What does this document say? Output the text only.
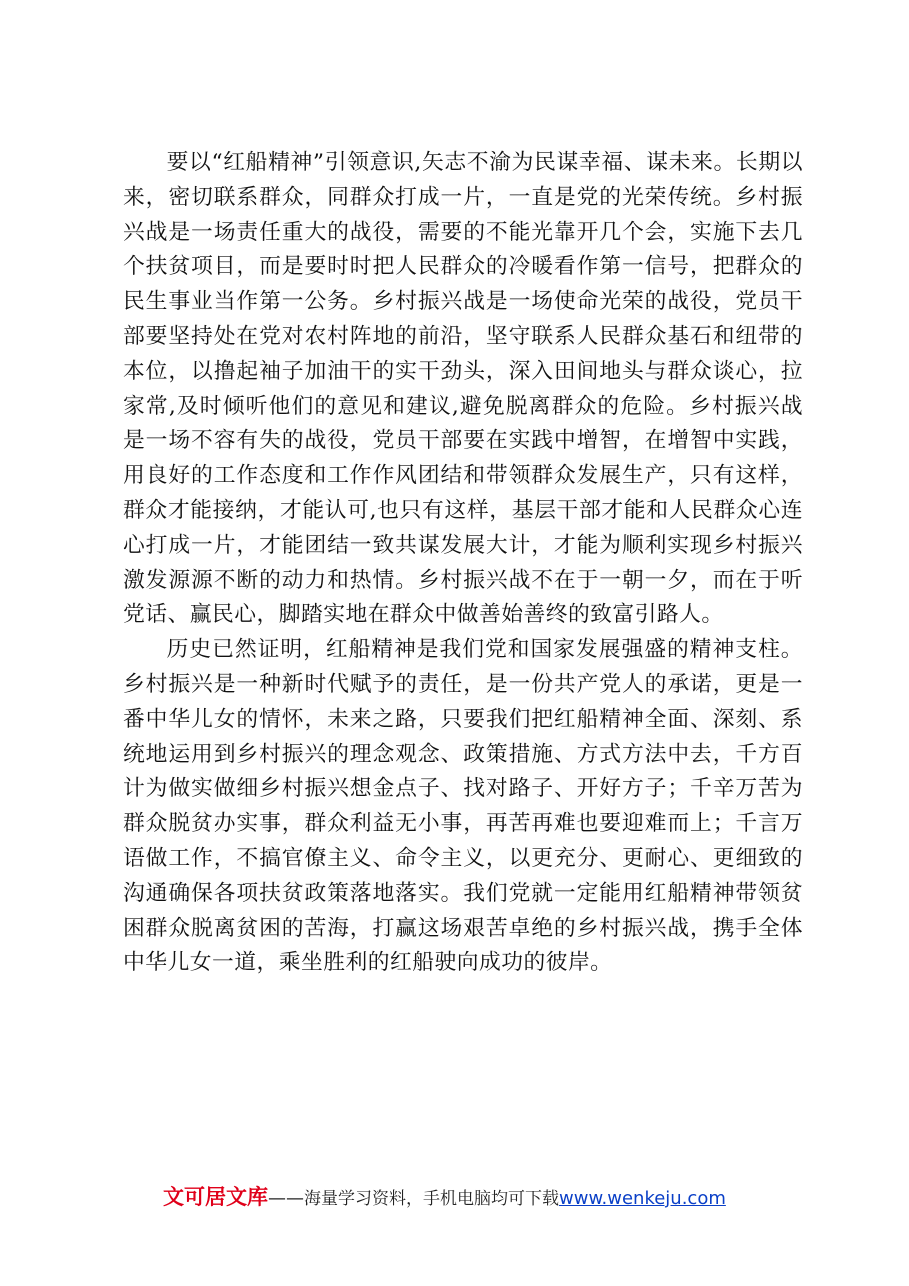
要以“红船精神”引领意识,矢志不渝为民谋幸福、谋未来。长期以来，密切联系群众，同群众打成一片，一直是党的光荣传统。乡村振兴战是一场责任重大的战役，需要的不能光靠开几个会，实施下去几个扶贫项目，而是要时时把人民群众的冷暖看作第一信号，把群众的民生事业当作第一公务。乡村振兴战是一场使命光荣的战役，党员干部要坚持处在党对农村阵地的前沿，坚守联系人民群众基石和纽带的本位，以撸起袖子加油干的实干劲头，深入田间地头与群众谈心，拉家常,及时倾听他们的意见和建议,避免脱离群众的危险。乡村振兴战是一场不容有失的战役，党员干部要在实践中增智，在增智中实践，用良好的工作态度和工作作风团结和带领群众发展生产，只有这样，群众才能接纳，才能认可,也只有这样，基层干部才能和人民群众心连心打成一片，才能团结一致共谋发展大计，才能为顺利实现乡村振兴激发源源不断的动力和热情。乡村振兴战不在于一朝一夕，而在于听党话、赢民心，脚踏实地在群众中做善始善终的致富引路人。

历史已然证明，红船精神是我们党和国家发展强盛的精神支柱。乡村振兴是一种新时代赋予的责任，是一份共产党人的承诺，更是一番中华儿女的情怀，未来之路，只要我们把红船精神全面、深刻、系统地运用到乡村振兴的理念观念、政策措施、方式方法中去，千方百计为做实做细乡村振兴想金点子、找对路子、开好方子；千辛万苦为群众脱贫办实事，群众利益无小事，再苦再难也要迎难而上；千言万语做工作，不搞官僚主义、命令主义，以更充分、更耐心、更细致的沟通确保各项扶贫政策落地落实。我们党就一定能用红船精神带领贫困群众脱离贫困的苦海，打赢这场艰苦卓绝的乡村振兴战，携手全体中华儿女一道，乘坐胜利的红船驶向成功的彼岸。

文可居文库——海量学习资料，手机电脑均可下载www.wenkeju.com
